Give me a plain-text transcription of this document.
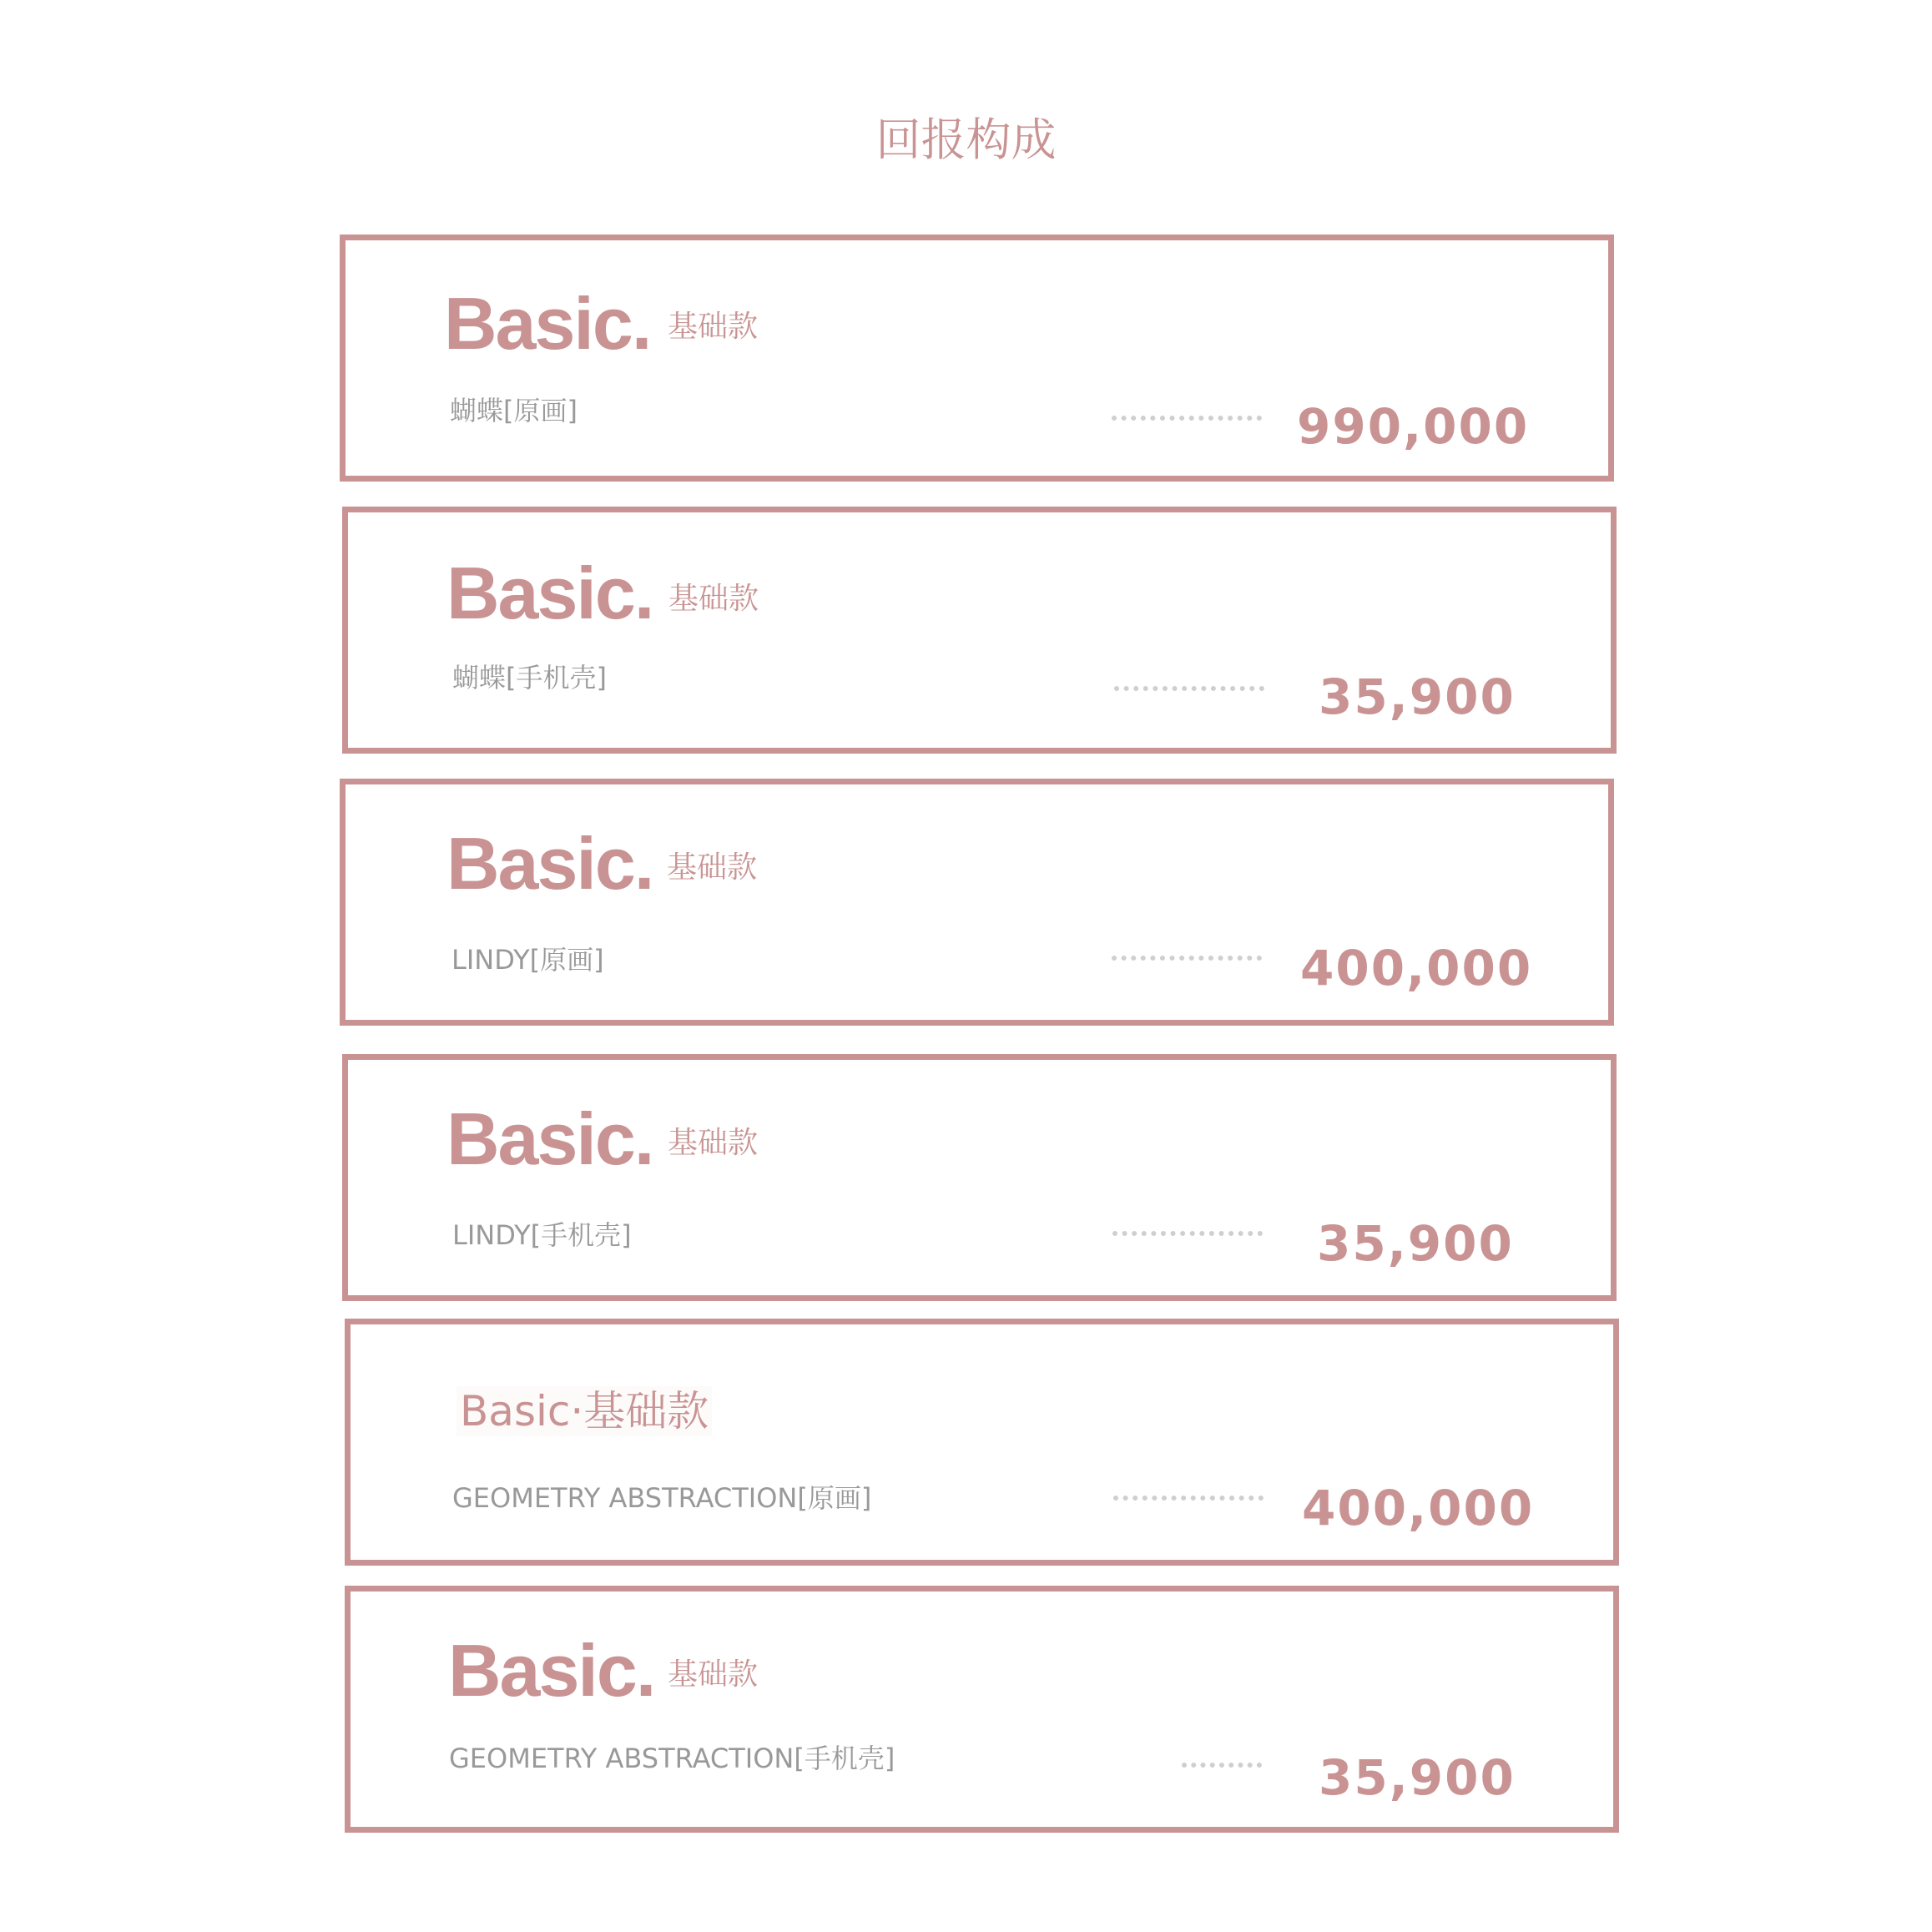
回报构成
Basic. 基础款
蝴蝶[原画]	990,000
Basic. 基础款
蝴蝶[手机壳]	35,900
Basic. 基础款
LINDY[原画]	400,000
Basic. 基础款
LINDY[手机壳]	35,900
Basic·基础款
GEOMETRY ABSTRACTION[原画]	400,000
Basic. 基础款
GEOMETRY ABSTRACTION[手机壳]	35,900
